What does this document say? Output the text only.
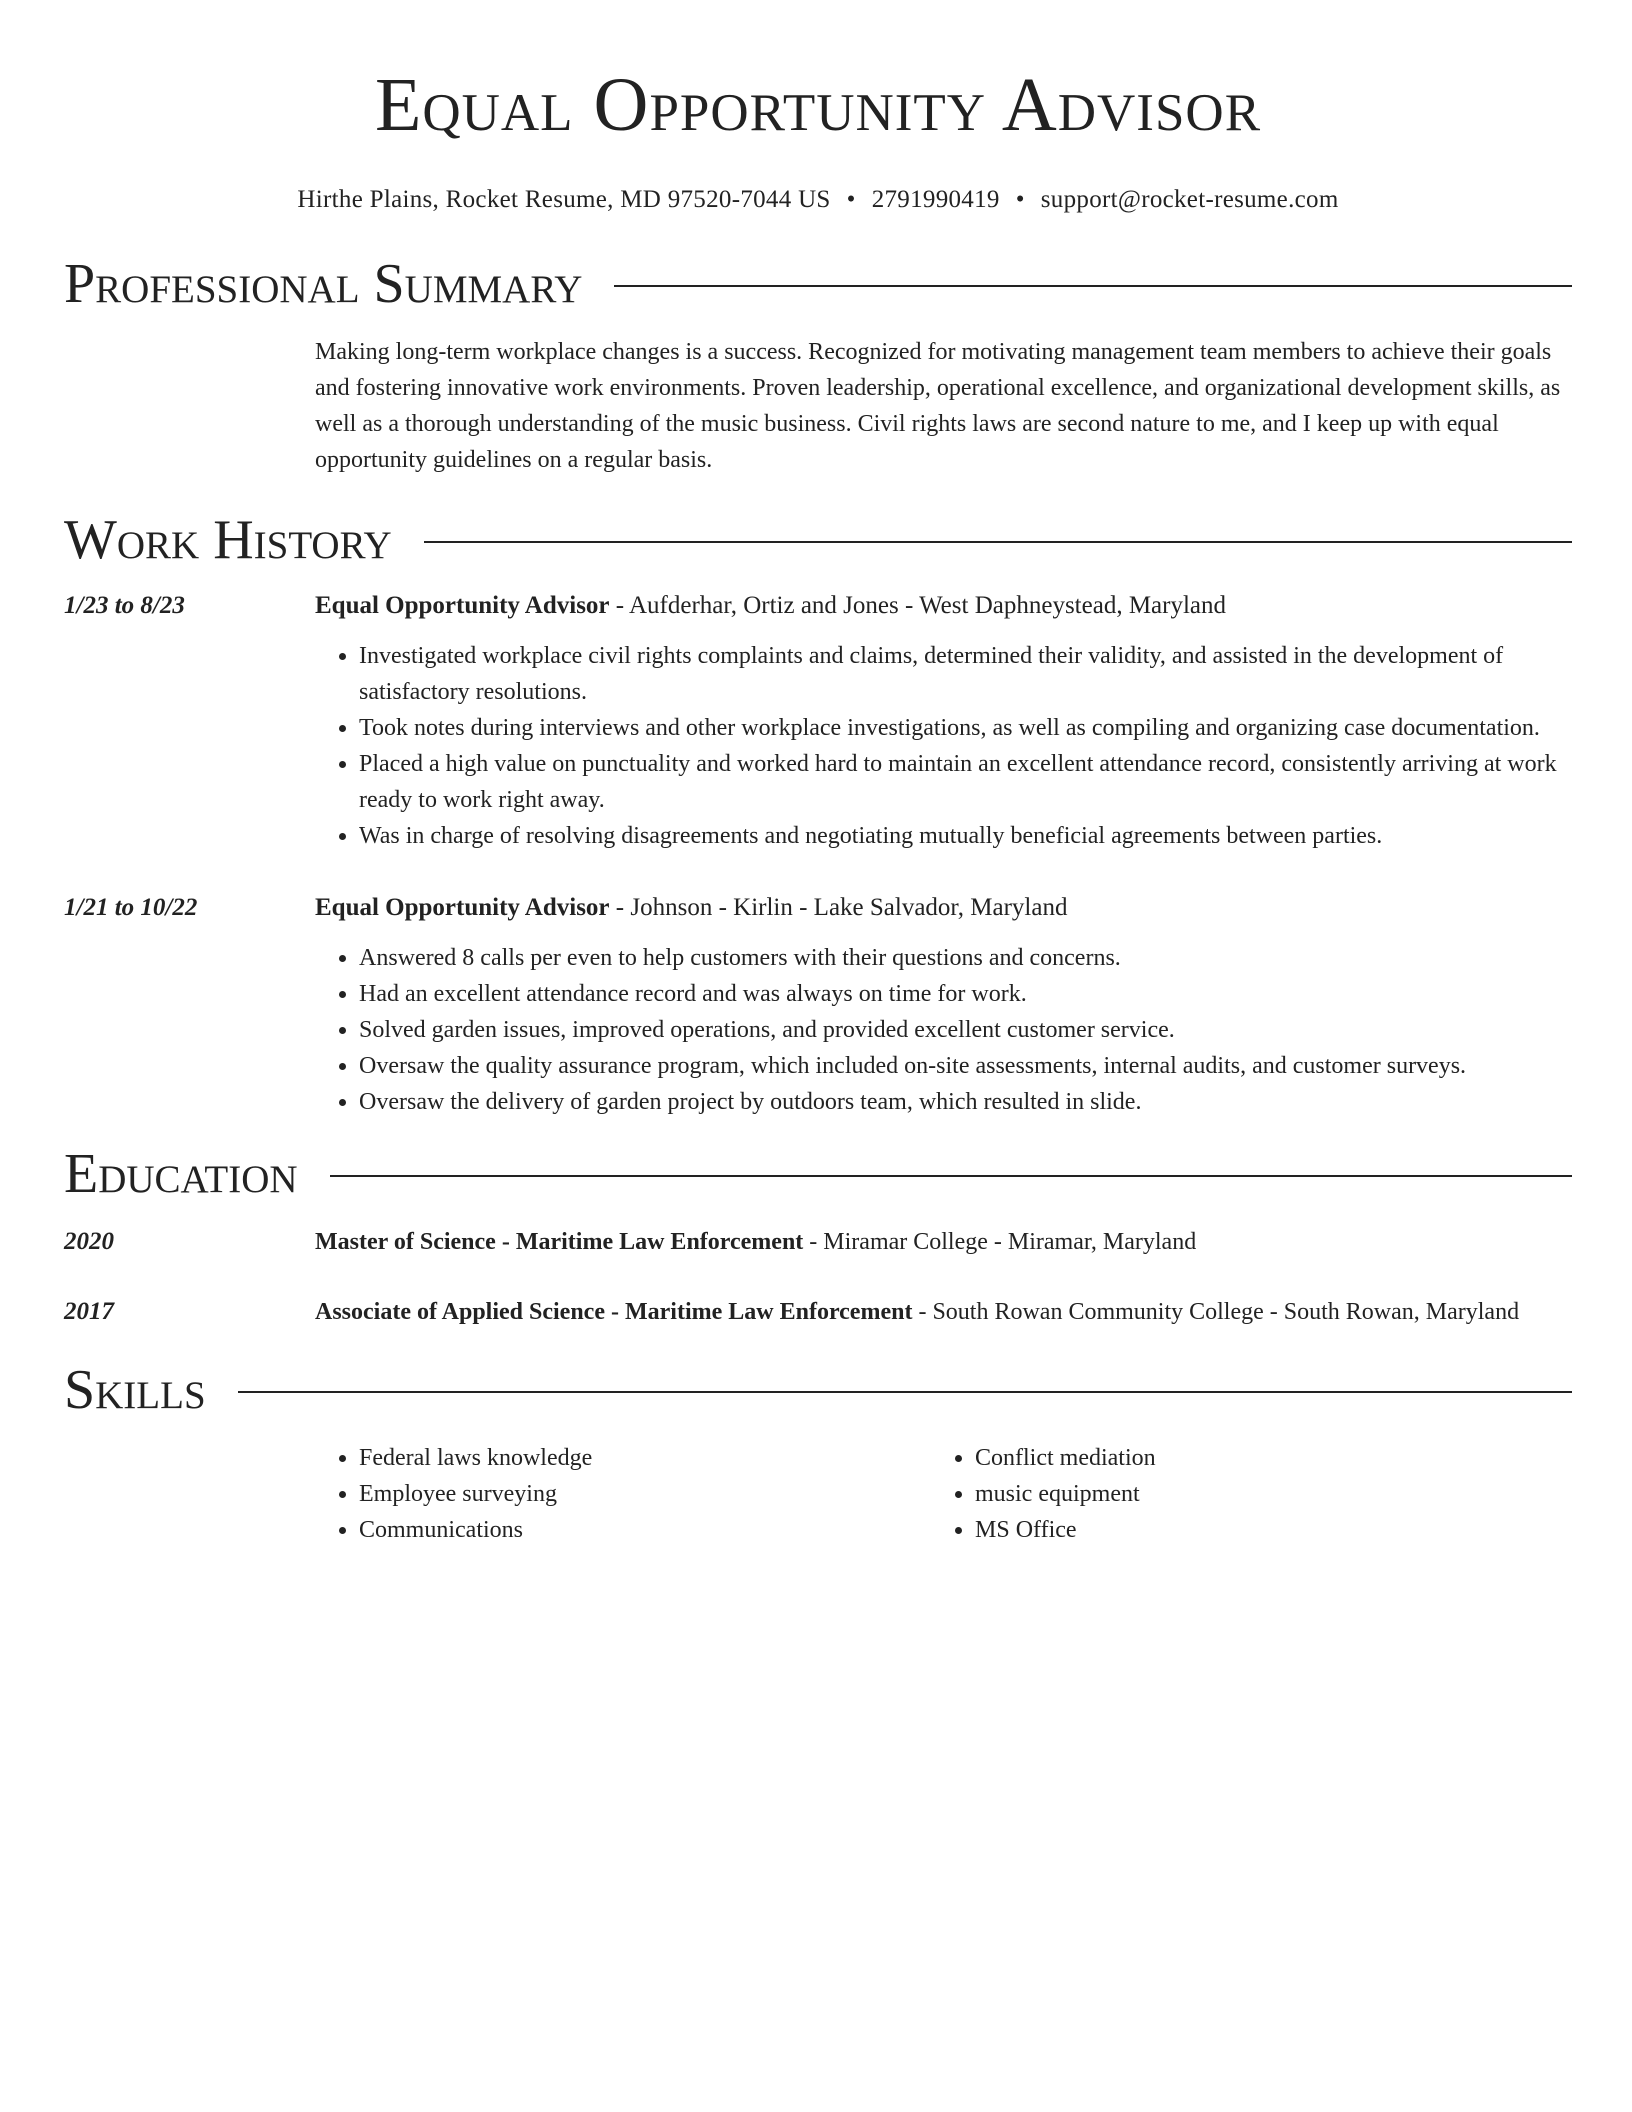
Equal Opportunity Advisor
Hirthe Plains, Rocket Resume, MD 97520-7044 US • 2791990419 • support@rocket-resume.com
Professional Summary
Making long-term workplace changes is a success. Recognized for motivating management team members to achieve their goals and fostering innovative work environments. Proven leadership, operational excellence, and organizational development skills, as well as a thorough understanding of the music business. Civil rights laws are second nature to me, and I keep up with equal opportunity guidelines on a regular basis.
Work History
1/23 to 8/23	Equal Opportunity Advisor - Aufderhar, Ortiz and Jones - West Daphneystead, Maryland
• Investigated workplace civil rights complaints and claims, determined their validity, and assisted in the development of satisfactory resolutions.
• Took notes during interviews and other workplace investigations, as well as compiling and organizing case documentation.
• Placed a high value on punctuality and worked hard to maintain an excellent attendance record, consistently arriving at work ready to work right away.
• Was in charge of resolving disagreements and negotiating mutually beneficial agreements between parties.
1/21 to 10/22	Equal Opportunity Advisor - Johnson - Kirlin - Lake Salvador, Maryland
• Answered 8 calls per even to help customers with their questions and concerns.
• Had an excellent attendance record and was always on time for work.
• Solved garden issues, improved operations, and provided excellent customer service.
• Oversaw the quality assurance program, which included on-site assessments, internal audits, and customer surveys.
• Oversaw the delivery of garden project by outdoors team, which resulted in slide.
Education
2020	Master of Science - Maritime Law Enforcement - Miramar College - Miramar, Maryland
2017	Associate of Applied Science - Maritime Law Enforcement - South Rowan Community College - South Rowan, Maryland
Skills
• Federal laws knowledge
• Employee surveying
• Communications
• Conflict mediation
• music equipment
• MS Office
